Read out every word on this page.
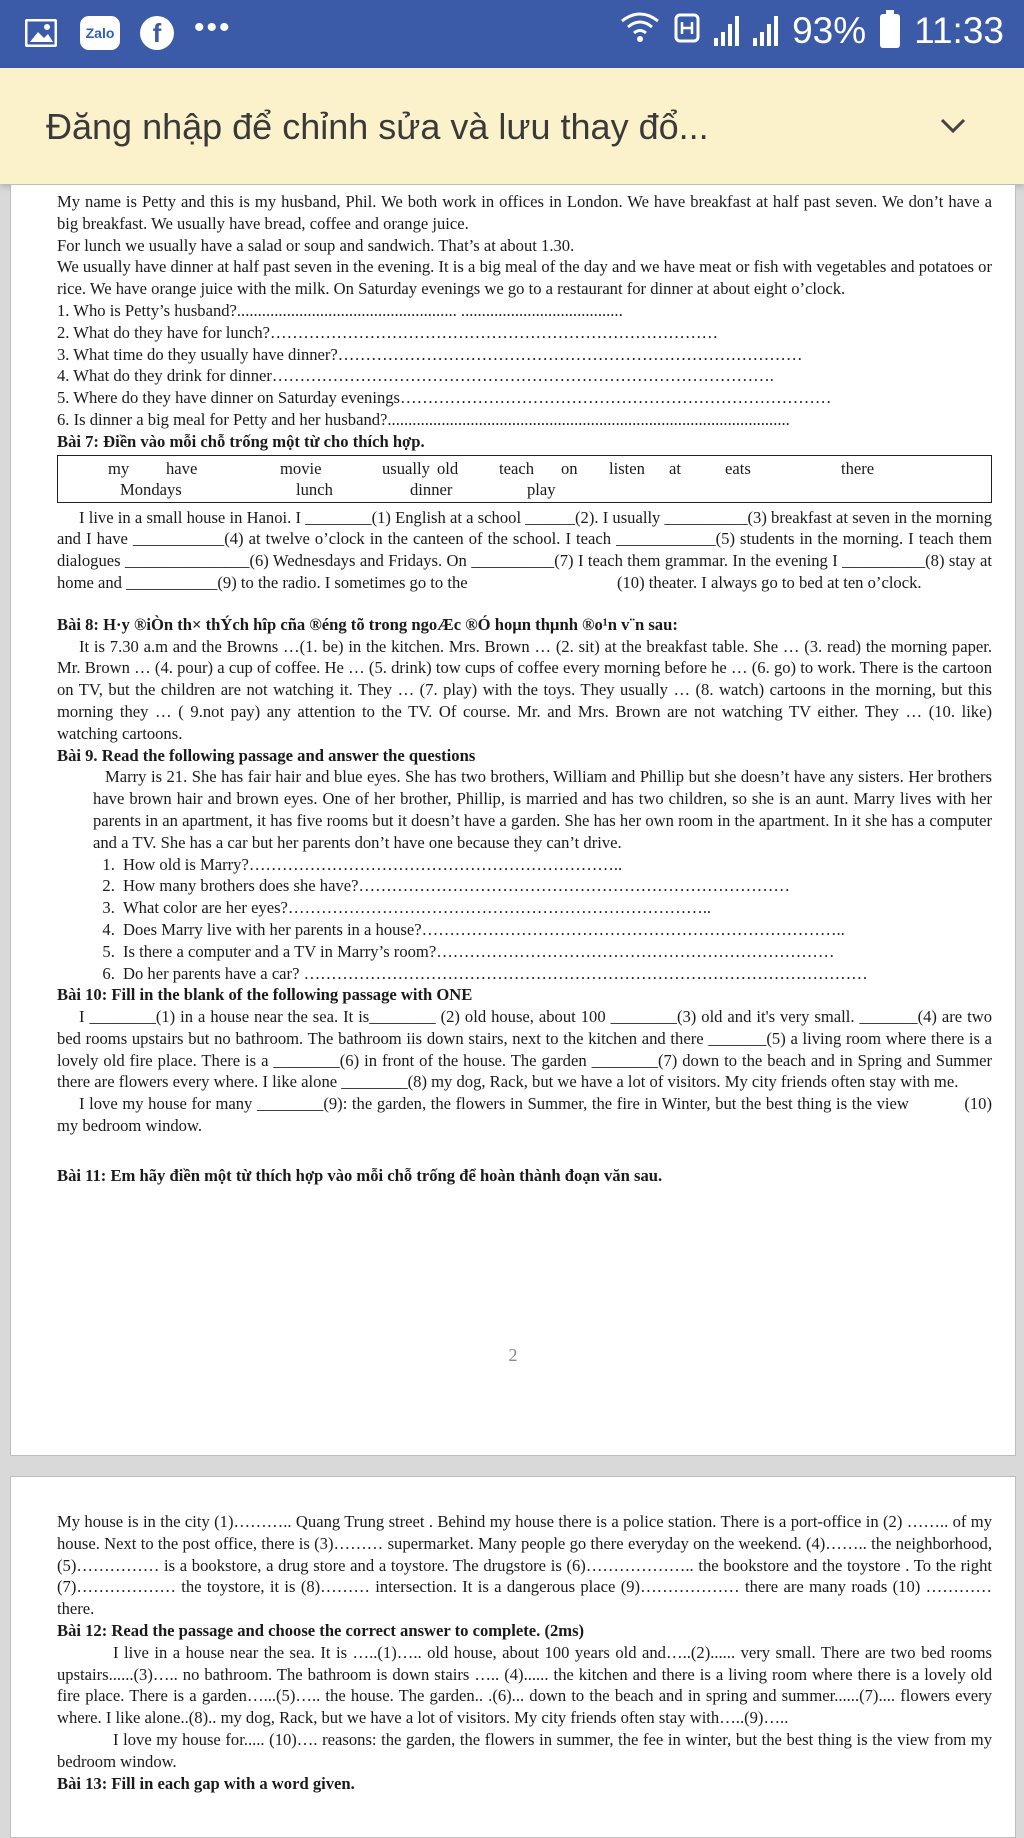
Zalo	f	•••	93% 11:33
Đăng nhập để chỉnh sửa và lưu thay đổ...

My name is Petty and this is my husband, Phil. We both work in offices in London. We have breakfast at half past seven. We don’t have a big breakfast. We usually have bread, coffee and orange juice.

For lunch we usually have a salad or soup and sandwich. That’s at about 1.30.

We usually have dinner at half past seven in the evening. It is a big meal of the day and we have meat or fish with vegetables and potatoes or rice. We have orange juice with the milk. On Saturday evenings we go to a restaurant for dinner at about eight o’clock.

1. Who is Petty’s husband?..................................................... .......................................

2. What do they have for lunch?………………………………………………………………………

3. What time do they usually have dinner?…………………………………………………………………………

4. What do they drink for dinner……………………………………………………………………………….

5. Where do they have dinner on Saturday evenings……………………………………………………………………

6. Is dinner a big meal for Petty and her husband?.................................................................................................

Bài 7: Điền vào mỗi chỗ trống một từ cho thích hợp.

my	have	movie	usually old	teach	on	listen	at	eats	there
Mondays	lunch	dinner	play

I live in a small house in Hanoi. I ________(1) English at a school ______(2). I usually __________(3) breakfast at seven in the morning and I have ___________(4) at twelve o’clock in the canteen of the school. I teach ____________(5) students in the morning. I teach them dialogues _______________(6) Wednesdays and Fridays. On __________(7) I teach them grammar. In the evening I __________(8) stay at home and ___________(9) to the radio. I sometimes go to the                                    (10) theater. I always go to bed at ten o’clock.

Bài 8: H·y ®iÒn th× thÝch hîp cña ®éng tõ trong ngoÆc ®Ó hoµn thµnh ®o¹n v¨n sau:

It is 7.30 a.m and the Browns …(1. be) in the kitchen. Mrs. Brown … (2. sit) at the breakfast table. She … (3. read) the morning paper. Mr. Brown … (4. pour) a cup of coffee. He … (5. drink) tow cups of coffee every morning before he … (6. go) to work. There is the cartoon on TV, but the children are not watching it. They … (7. play) with the toys. They usually … (8. watch) cartoons in the morning, but this morning they … ( 9.not pay) any attention to the TV. Of course. Mr. and Mrs. Brown are not watching TV either. They … (10. like) watching cartoons.

Bài 9. Read the following passage and answer the questions

Marry is 21. She has fair hair and blue eyes. She has two brothers, William and Phillip but she doesn’t have any sisters. Her brothers have brown hair and brown eyes. One of her brother, Phillip, is married and has two children, so she is an aunt. Marry lives with her parents in an apartment, it has five rooms but it doesn’t have a garden. She has her own room in the apartment. In it she has a computer and a TV. She has a car but her parents don’t have one because they can’t drive.

1. How old is Marry?…………………………………………………………..
2. How many brothers does she have?……………………………………………………………………
3. What color are her eyes?…………………………………………………………………..
4. Does Marry live with her parents in a house?…………………………………………………………………..
5. Is there a computer and a TV in Marry’s room?………………………………………………………………
6. Do her parents have a car? …………………………………………………………………………………………

Bài 10: Fill in the blank of the following passage with ONE

I ________(1) in a house near the sea. It is________ (2) old house, about 100 ________(3) old and it's very small. _______(4) are two bed rooms upstairs but no bathroom. The bathroom iis down stairs, next to the kitchen and there _______(5) a living room where there is a lovely old fire place. There is a ________(6) in front of the house. The garden ________(7) down to the beach and in Spring and Summer there are flowers every where. I like alone ________(8) my dog, Rack, but we have a lot of visitors. My city friends often stay with me.

I love my house for many ________(9): the garden, the flowers in Summer, the fire in Winter, but the best thing is the view            (10) my bedroom window.

Bài 11: Em hãy điền một từ thích hợp vào mỗi chỗ trống để hoàn thành đoạn văn sau.

2

My house is in the city (1)……….. Quang Trung street . Behind my house there is a police station. There is a port-office in (2) …….. of my house. Next to the post office, there is (3)……… supermarket. Many people go there everyday on the weekend. (4)…….. the neighborhood, (5)…………… is a bookstore, a drug store and a toystore. The drugstore is (6)……………….. the bookstore and the toystore . To the right (7)……………… the toystore, it is (8)……… intersection. It is a dangerous place (9)……………… there are many roads (10) ………… there.

Bài 12: Read the passage and choose the correct answer to complete. (2ms)

I live in a house near the sea. It is …..(1)….. old house, about 100 years old and…..(2)...... very small. There are two bed rooms upstairs......(3)….. no bathroom. The bathroom is down stairs ….. (4)...... the kitchen and there is a living room where there is a lovely old fire place. There is a garden…...(5)….. the house. The garden.. .(6)... down to the beach and in spring and summer......(7).... flowers every where. I like alone..(8).. my dog, Rack, but we have a lot of visitors. My city friends often stay with…..(9)…..

I love my house for..... (10)…. reasons: the garden, the flowers in summer, the fee in winter, but the best thing is the view from my bedroom window.

Bài 13: Fill in each gap with a word given.
